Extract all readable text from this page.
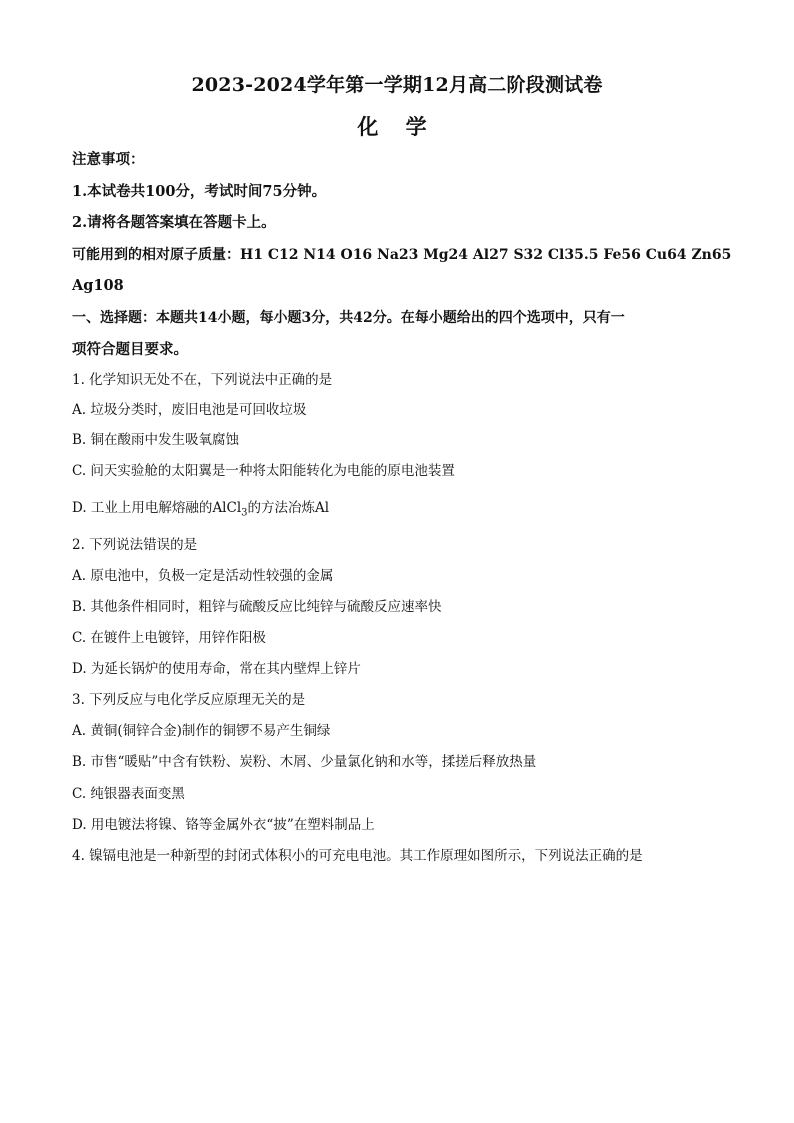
2023-2024学年第一学期12月高二阶段测试卷
化 学
注意事项：
1.本试卷共100分，考试时间75分钟。
2.请将各题答案填在答题卡上。
可能用到的相对原子质量：H1 C12 N14 O16 Na23 Mg24 Al27 S32 Cl35.5 Fe56 Cu64 Zn65
Ag108
一、选择题：本题共14小题，每小题3分，共42分。在每小题给出的四个选项中，只有一
项符合题目要求。
1. 化学知识无处不在，下列说法中正确的是
A. 垃圾分类时，废旧电池是可回收垃圾
B. 铜在酸雨中发生吸氧腐蚀
C. 问天实验舱的太阳翼是一种将太阳能转化为电能的原电池装置
D. 工业上用电解熔融的AlCl$_3$的方法冶炼Al
2. 下列说法错误的是
A. 原电池中，负极一定是活动性较强的金属
B. 其他条件相同时，粗锌与硫酸反应比纯锌与硫酸反应速率快
C. 在镀件上电镀锌，用锌作阳极
D. 为延长锅炉的使用寿命，常在其内壁焊上锌片
3. 下列反应与电化学反应原理无关的是
A. 黄铜(铜锌合金)制作的铜锣不易产生铜绿
B. 市售“暖贴”中含有铁粉、炭粉、木屑、少量氯化钠和水等，揉搓后释放热量
C. 纯银器表面变黑
D. 用电镀法将镍、铬等金属外衣“披”在塑料制品上
4. 镍镉电池是一种新型的封闭式体积小的可充电电池。其工作原理如图所示，下列说法正确的是
